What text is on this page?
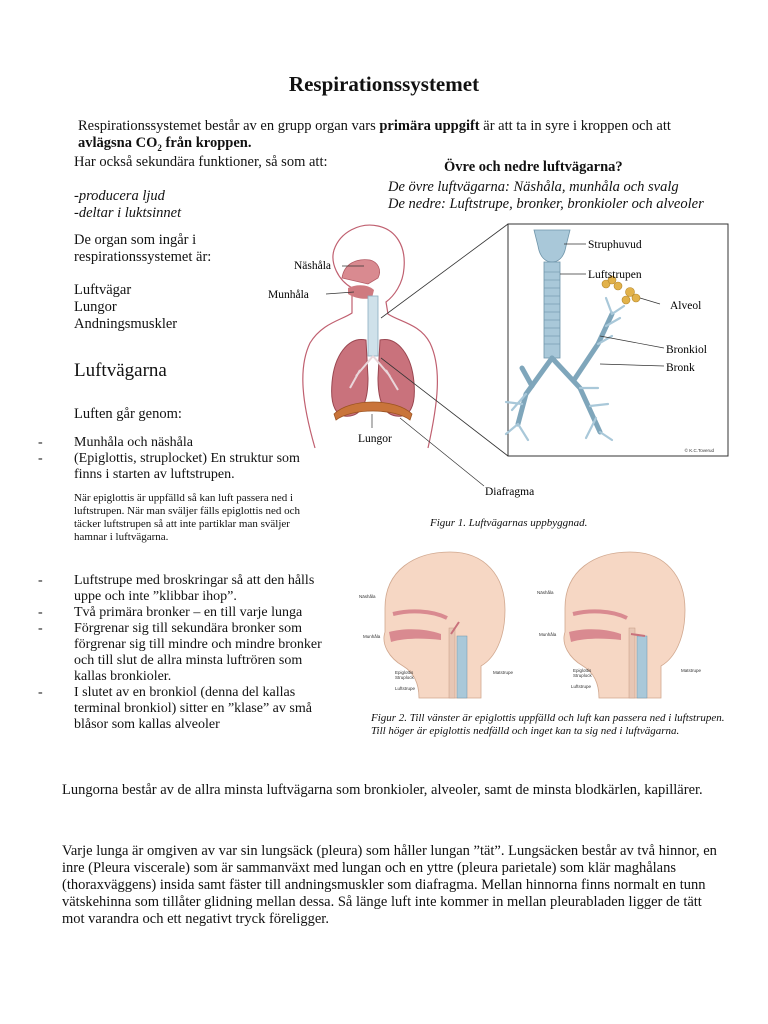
Respirationssystemet
Respirationssystemet består av en grupp organ vars primära uppgift är att ta in syre i kroppen och att avlägsna $CO_2$ från kroppen.
Har också sekundära funktioner, så som att:
-producera ljud
-deltar i luktsinnet
De organ som ingår i
respirationssystemet är:
Luftvägar
Lungor
Andningsmuskler
Luftvägarna
Övre och nedre luftvägarna?
De övre luftvägarna: Näshåla, munhåla och svalg
De nedre: Luftstrupe, bronker, bronkioler och alveoler
Luften går genom:
- Munhåla och näshåla
- (Epiglottis, struplocket) En struktur som finns i starten av luftstrupen.
När epiglottis är uppfälld så kan luft passera ned i luftstrupen. När man sväljer fälls epiglottis ned och täcker luftstrupen så att inte partiklar man sväljer hamnar i luftvägarna.
- Luftstrupe med broskringar så att den hålls uppe och inte ”klibbar ihop”.
- Två primära bronker – en till varje lunga
- Förgrenar sig till sekundära bronker som förgrenar sig till mindre och mindre bronker och till slut de allra minsta luftrören som kallas bronkioler.
- I slutet av en bronkiol (denna del kallas terminal bronkiol) sitter en ”klase” av små blåsor som kallas alveoler
© K.C.Toverud
Näshåla
Munhåla
Lungor
Diafragma
Struphuvud
Luftstrupen
Alveol
Bronkiol
Bronk
Figur 1. Luftvägarnas uppbyggnad.
Näshåla
Munhåla
Epiglottis
Struplock
Matstrupe
Luftstrupe
Näshåla
Munhåla
Epiglottis
Struplock
Matstrupe
Luftstrupe
Figur 2. Till vänster är epiglottis uppfälld och luft kan passera ned i luftstrupen. Till höger är epiglottis nedfälld och inget kan ta sig ned i luftvägarna.
Lungorna består av de allra minsta luftvägarna som bronkioler, alveoler, samt de minsta blodkärlen, kapillärer.
Varje lunga är omgiven av var sin lungsäck (pleura) som håller lungan ”tät”. Lungsäcken består av två hinnor, en inre (Pleura viscerale) som är sammanväxt med lungan och en yttre (pleura parietale) som klär maghålans (thoraxväggens) insida samt fäster till andningsmuskler som diafragma. Mellan hinnorna finns normalt en tunn vätskehinna som tillåter glidning mellan dessa. Så länge luft inte kommer in mellan pleurabladen ligger de tätt mot varandra och ett negativt tryck föreligger.
